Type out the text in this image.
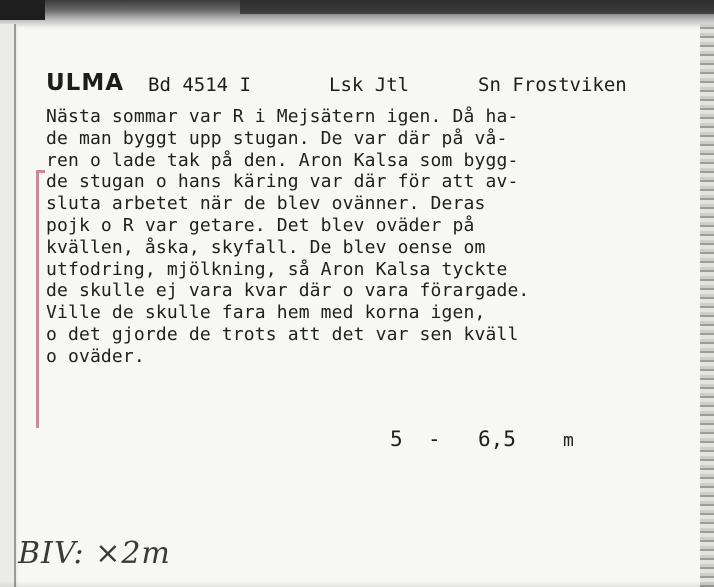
ULMA Bd 4514 I	Lsk Jtl	Sn Frostviken
Nästa sommar var R i Mejsätern igen. Då ha-
de man byggt upp stugan. De var där på vå-
ren o lade tak på den. Aron Kalsa som bygg-
de stugan o hans käring var där för att av-
sluta arbetet när de blev ovänner. Deras
pojk o R var getare. Det blev oväder på
kvällen, åska, skyfall. De blev oense om
utfodring, mjölkning, så Aron Kalsa tyckte
de skulle ej vara kvar där o vara förargade.
Ville de skulle fara hem med korna igen,
o det gjorde de trots att det var sen kväll
o oväder.
5 - 6,5	m
BIV: ×2m
